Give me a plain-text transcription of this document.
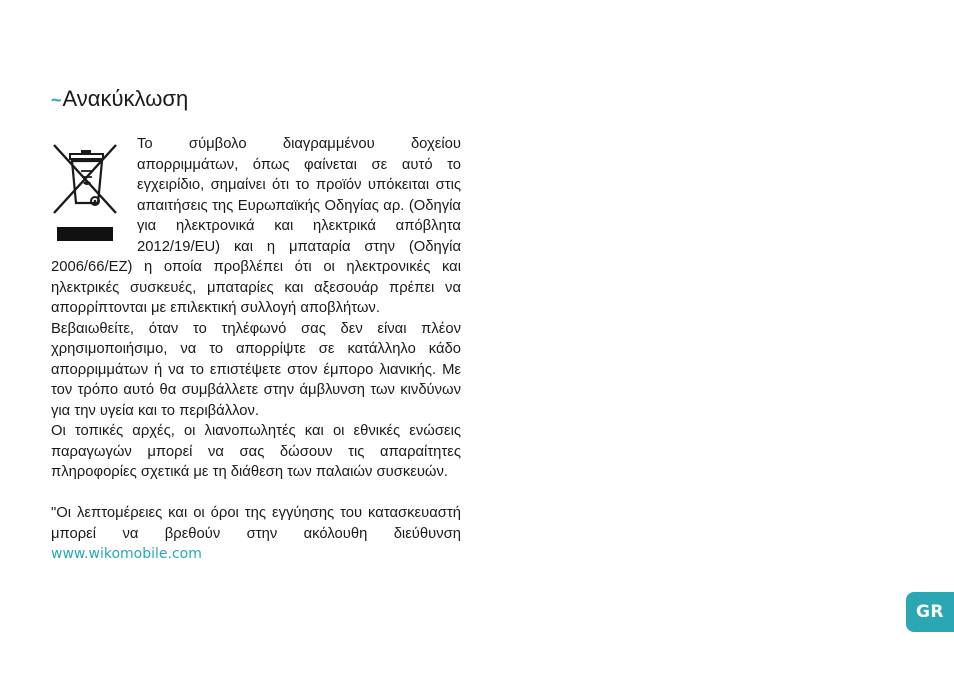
~Ανακύκλωση

Το σύμβολο διαγραμμένου δοχείου απορριμμάτων, όπως φαίνεται σε αυτό το εγχειρίδιο, σημαίνει ότι το προϊόν υπόκειται στις απαιτήσεις της Ευρωπαϊκής Οδηγίας αρ. (Οδηγία για ηλεκτρονικά και ηλεκτρικά απόβλητα 2012/19/EU) και η μπαταρία στην (Οδηγία 2006/66/ΕΖ) η οποία προβλέπει ότι οι ηλεκτρονικές και ηλεκτρικές συσκευές, μπαταρίες και αξεσουάρ πρέπει να απορρίπτονται με επιλεκτική συλλογή αποβλήτων.

Βεβαιωθείτε, όταν το τηλέφωνό σας δεν είναι πλέον χρησιμοποιήσιμο, να το απορρίψτε σε κατάλληλο κάδο απορριμμάτων ή να το επιστέψετε στον έμπορο λιανικής. Με τον τρόπο αυτό θα συμβάλλετε στην άμβλυνση των κινδύνων για την υγεία και το περιβάλλον.

Οι τοπικές αρχές, οι λιανοπωλητές και οι εθνικές ενώσεις παραγωγών μπορεί να σας δώσουν τις απαραίτητες πληροφορίες σχετικά με τη διάθεση των παλαιών συσκευών.

"Οι λεπτομέρειες και οι όροι της εγγύησης του κατασκευαστή μπορεί να βρεθούν στην ακόλουθη διεύθυνση www.wikomobile.com

GR
